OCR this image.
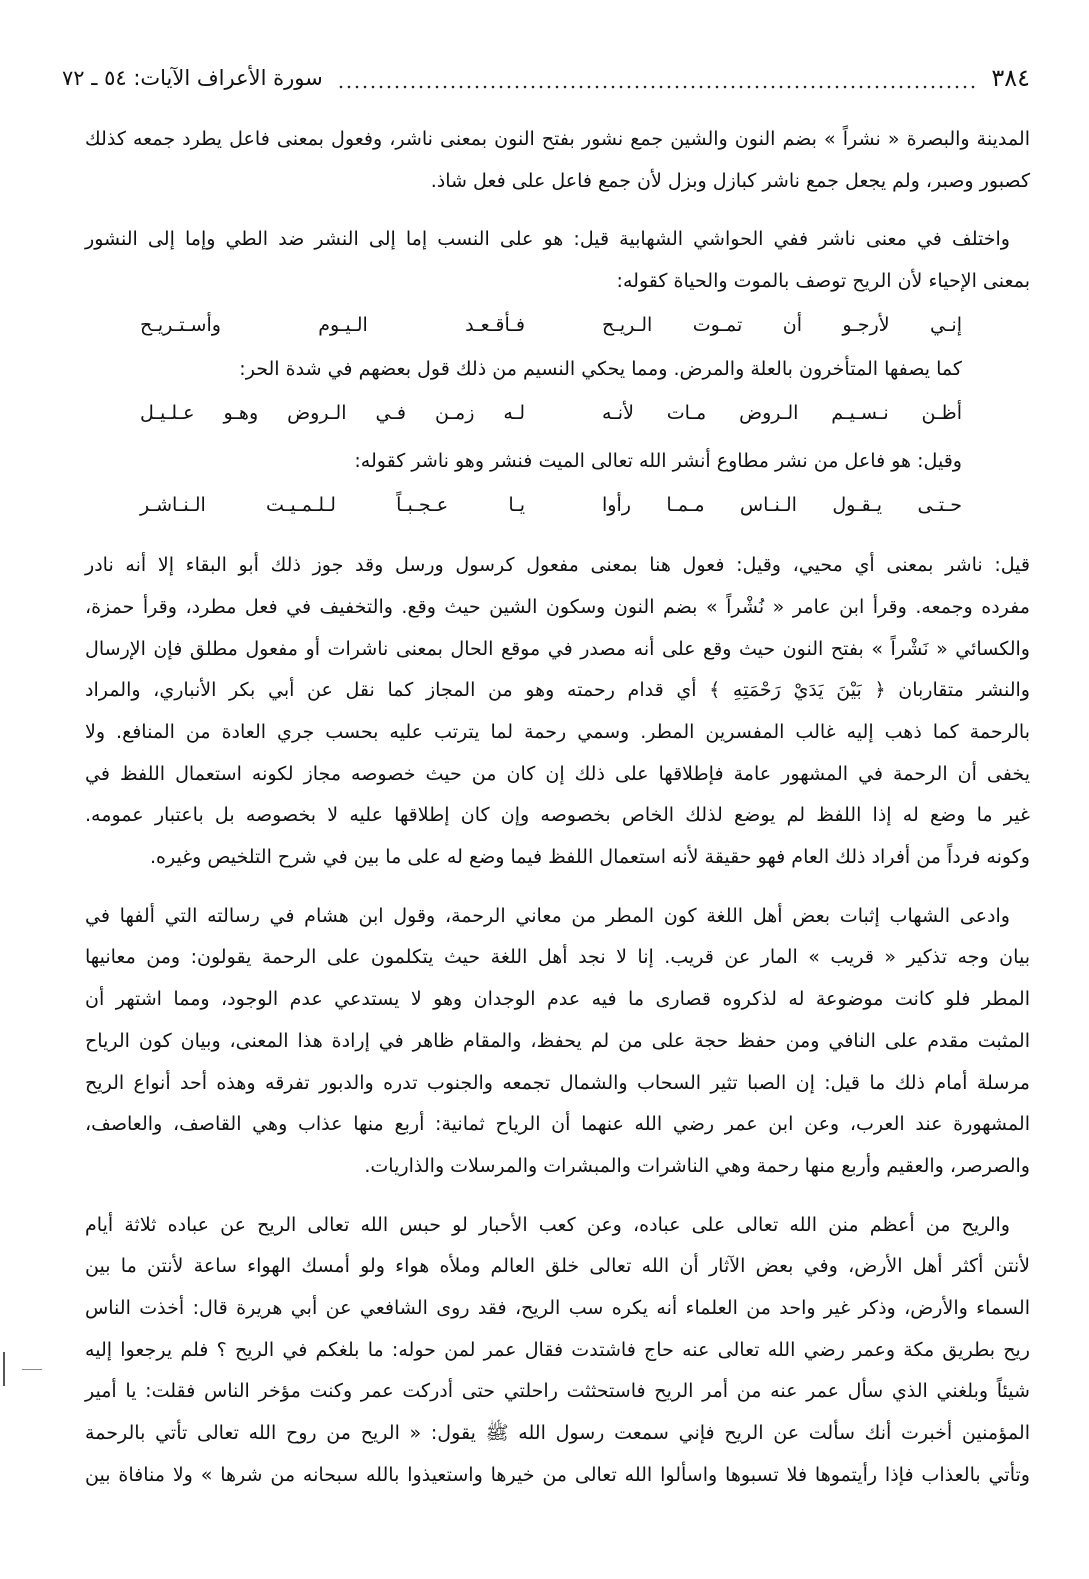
٣٨٤
سورة الأعراف الآيات: ٥٤ ـ ٧٢
المدينة والبصرة « نشراً » بضم النون والشين جمع نشور بفتح النون بمعنى ناشر، وفعول بمعنى فاعل يطرد جمعه كذلك
كصبور وصبر، ولم يجعل جمع ناشر كبازل وبزل لأن جمع فاعل على فعل شاذ.
واختلف في معنى ناشر ففي الحواشي الشهابية قيل: هو على النسب إما إلى النشر ضد الطي وإما إلى النشور
بمعنى الإحياء لأن الريح توصف بالموت والحياة كقوله:
إنـي لأرجـو أن تمـوت الـريـح
فـأقـعـد الـيـوم وأسـتـريـح
كما يصفها المتأخرون بالعلة والمرض. ومما يحكي النسيم من ذلك قول بعضهم في شدة الحر:
أظـن نـسـيـم الـروض مـات لأنـه
لـه زمـن فـي الـروض وهـو عـلـيـل
وقيل: هو فاعل من نشر مطاوع أنشر الله تعالى الميت فنشر وهو ناشر كقوله:
حـتـى يـقـول الـنـاس مـمـا رأوا
يـا عـجـبـاً لـلـمـيـت الـنـاشـر
قيل: ناشر بمعنى أي محيي، وقيل: فعول هنا بمعنى مفعول كرسول ورسل وقد جوز ذلك أبو البقاء إلا أنه نادر
مفرده وجمعه. وقرأ ابن عامر « نُشْراً » بضم النون وسكون الشين حيث وقع. والتخفيف في فعل مطرد، وقرأ حمزة،
والكسائي « نَشْراً » بفتح النون حيث وقع على أنه مصدر في موقع الحال بمعنى ناشرات أو مفعول مطلق فإن الإرسال
والنشر متقاربان ﴿ بَيْنَ يَدَيْ رَحْمَتِهِ ﴾ أي قدام رحمته وهو من المجاز كما نقل عن أبي بكر الأنباري، والمراد
بالرحمة كما ذهب إليه غالب المفسرين المطر. وسمي رحمة لما يترتب عليه بحسب جري العادة من المنافع. ولا
يخفى أن الرحمة في المشهور عامة فإطلاقها على ذلك إن كان من حيث خصوصه مجاز لكونه استعمال اللفظ في
غير ما وضع له إذا اللفظ لم يوضع لذلك الخاص بخصوصه وإن كان إطلاقها عليه لا بخصوصه بل باعتبار عمومه.
وكونه فرداً من أفراد ذلك العام فهو حقيقة لأنه استعمال اللفظ فيما وضع له على ما بين في شرح التلخيص وغيره.
وادعى الشهاب إثبات بعض أهل اللغة كون المطر من معاني الرحمة، وقول ابن هشام في رسالته التي ألفها في
بيان وجه تذكير « قريب » المار عن قريب. إنا لا نجد أهل اللغة حيث يتكلمون على الرحمة يقولون: ومن معانيها
المطر فلو كانت موضوعة له لذكروه قصارى ما فيه عدم الوجدان وهو لا يستدعي عدم الوجود، ومما اشتهر أن
المثبت مقدم على النافي ومن حفظ حجة على من لم يحفظ، والمقام ظاهر في إرادة هذا المعنى، وبيان كون الرياح
مرسلة أمام ذلك ما قيل: إن الصبا تثير السحاب والشمال تجمعه والجنوب تدره والدبور تفرقه وهذه أحد أنواع الريح
المشهورة عند العرب، وعن ابن عمر رضي الله عنهما أن الرياح ثمانية: أربع منها عذاب وهي القاصف، والعاصف،
والصرصر، والعقيم وأربع منها رحمة وهي الناشرات والمبشرات والمرسلات والذاريات.
والريح من أعظم منن الله تعالى على عباده، وعن كعب الأحبار لو حبس الله تعالى الريح عن عباده ثلاثة أيام
لأنتن أكثر أهل الأرض، وفي بعض الآثار أن الله تعالى خلق العالم وملأه هواء ولو أمسك الهواء ساعة لأنتن ما بين
السماء والأرض، وذكر غير واحد من العلماء أنه يكره سب الريح، فقد روى الشافعي عن أبي هريرة قال: أخذت الناس
ريح بطريق مكة وعمر رضي الله تعالى عنه حاج فاشتدت فقال عمر لمن حوله: ما بلغكم في الريح ؟ فلم يرجعوا إليه
شيئاً وبلغني الذي سأل عمر عنه من أمر الريح فاستحثثت راحلتي حتى أدركت عمر وكنت مؤخر الناس فقلت: يا أمير
المؤمنين أخبرت أنك سألت عن الريح فإني سمعت رسول الله ﷺ يقول: « الريح من روح الله تعالى تأتي بالرحمة
وتأتي بالعذاب فإذا رأيتموها فلا تسبوها واسألوا الله تعالى من خيرها واستعيذوا بالله سبحانه من شرها » ولا منافاة بين
